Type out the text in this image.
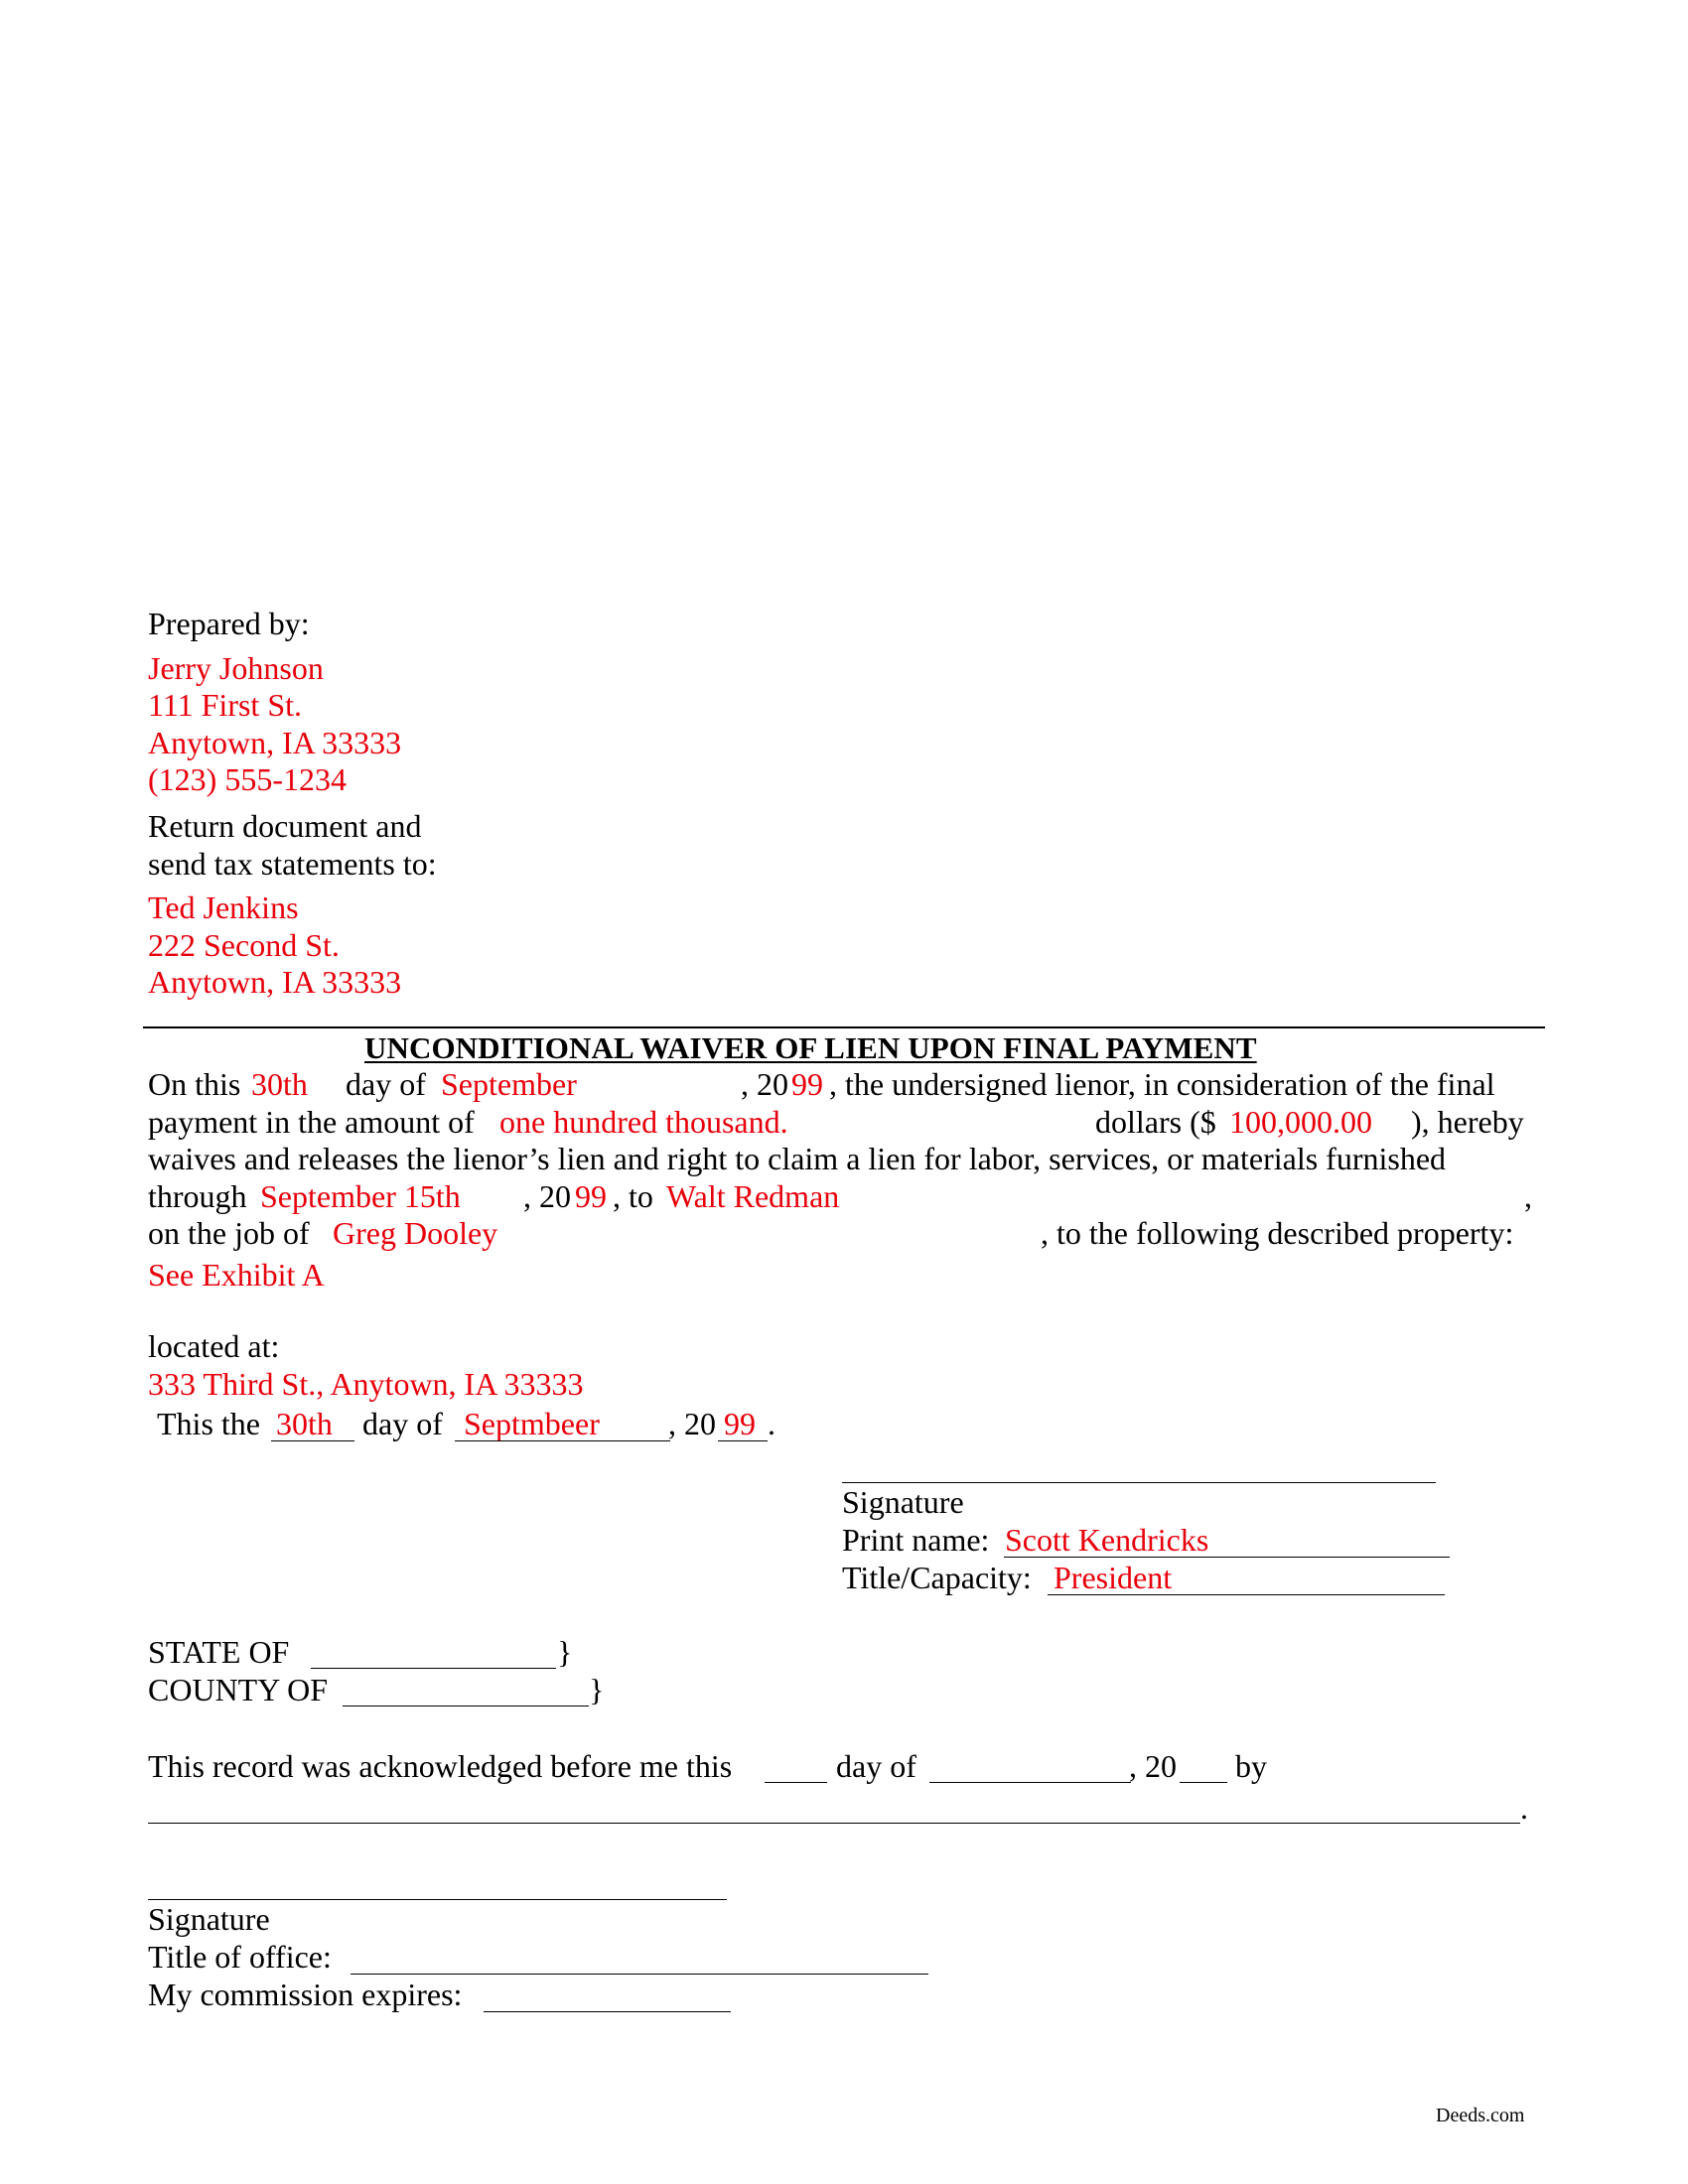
Prepared by:
Jerry Johnson
111 First St.
Anytown, IA 33333
(123) 555-1234
Return document and
send tax statements to:
Ted Jenkins
222 Second St.
Anytown, IA 33333
UNCONDITIONAL WAIVER OF LIEN UPON FINAL PAYMENT
On this 30th day of September	, 20 99 , the undersigned lienor, in consideration of the final
payment in the amount of one hundred thousand.	dollars ($ 100,000.00 ), hereby
waives and releases the lienor’s lien and right to claim a lien for labor, services, or materials furnished
through September 15th , 20 99 , to Walt Redman	,
on the job of Greg Dooley	, to the following described property:
See Exhibit A
located at:
333 Third St., Anytown, IA 33333
This the 30th day of Septmbeer , 20 99 .
Signature
Print name: Scott Kendricks
Title/Capacity: President
STATE OF	}
COUNTY OF	}
This record was acknowledged before me this	day of	, 20 by
.
Signature
Title of office:
My commission expires:
Deeds.com
